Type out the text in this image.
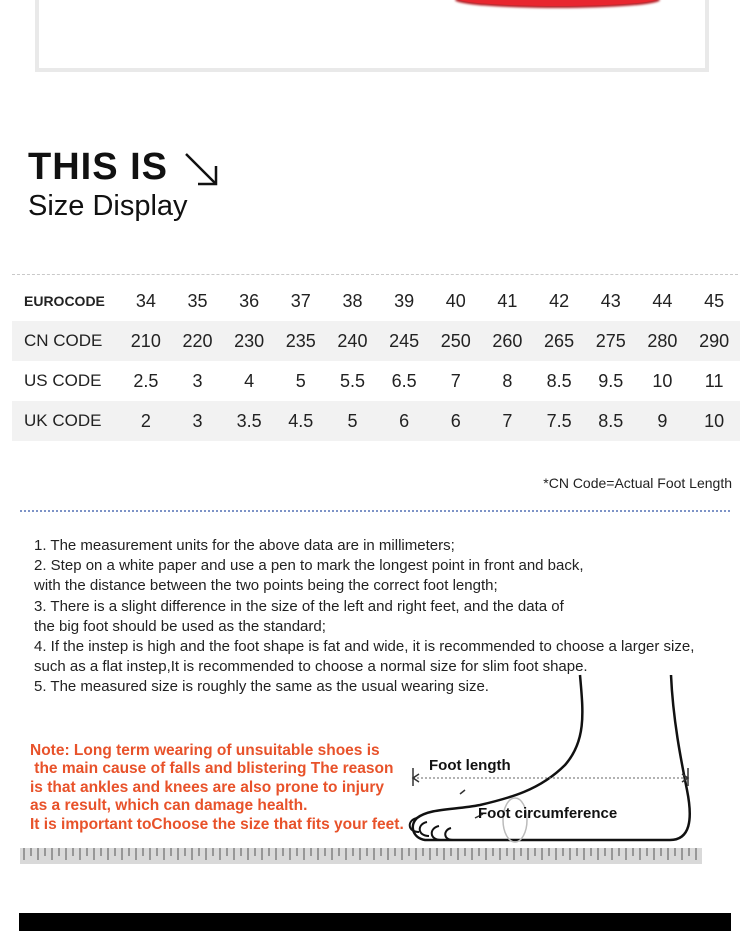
THIS IS
Size Display
EUROCODE	34	35	36	37	38	39	40	41	42	43	44	45
CN CODE	210	220	230	235	240	245	250	260	265	275	280	290
US CODE	2.5	3	4	5	5.5	6.5	7	8	8.5	9.5	10	11
UK CODE	2	3	3.5	4.5	5	6	6	7	7.5	8.5	9	10
*CN Code=Actual Foot Length
1. The measurement units for the above data are in millimeters;
2. Step on a white paper and use a pen to mark the longest point in front and back,
with the distance between the two points being the correct foot length;
3. There is a slight difference in the size of the left and right feet, and the data of
the big foot should be used as the standard;
4. If the instep is high and the foot shape is fat and wide, it is recommended to choose a larger size,
such as a flat instep,It is recommended to choose a normal size for slim foot shape.
5. The measured size is roughly the same as the usual wearing size.
Note: Long term wearing of unsuitable shoes is
the main cause of falls and blistering The reason
is that ankles and knees are also prone to injury
as a result, which can damage health.
It is important toChoose the size that fits your feet.
Foot length
Foot circumference
